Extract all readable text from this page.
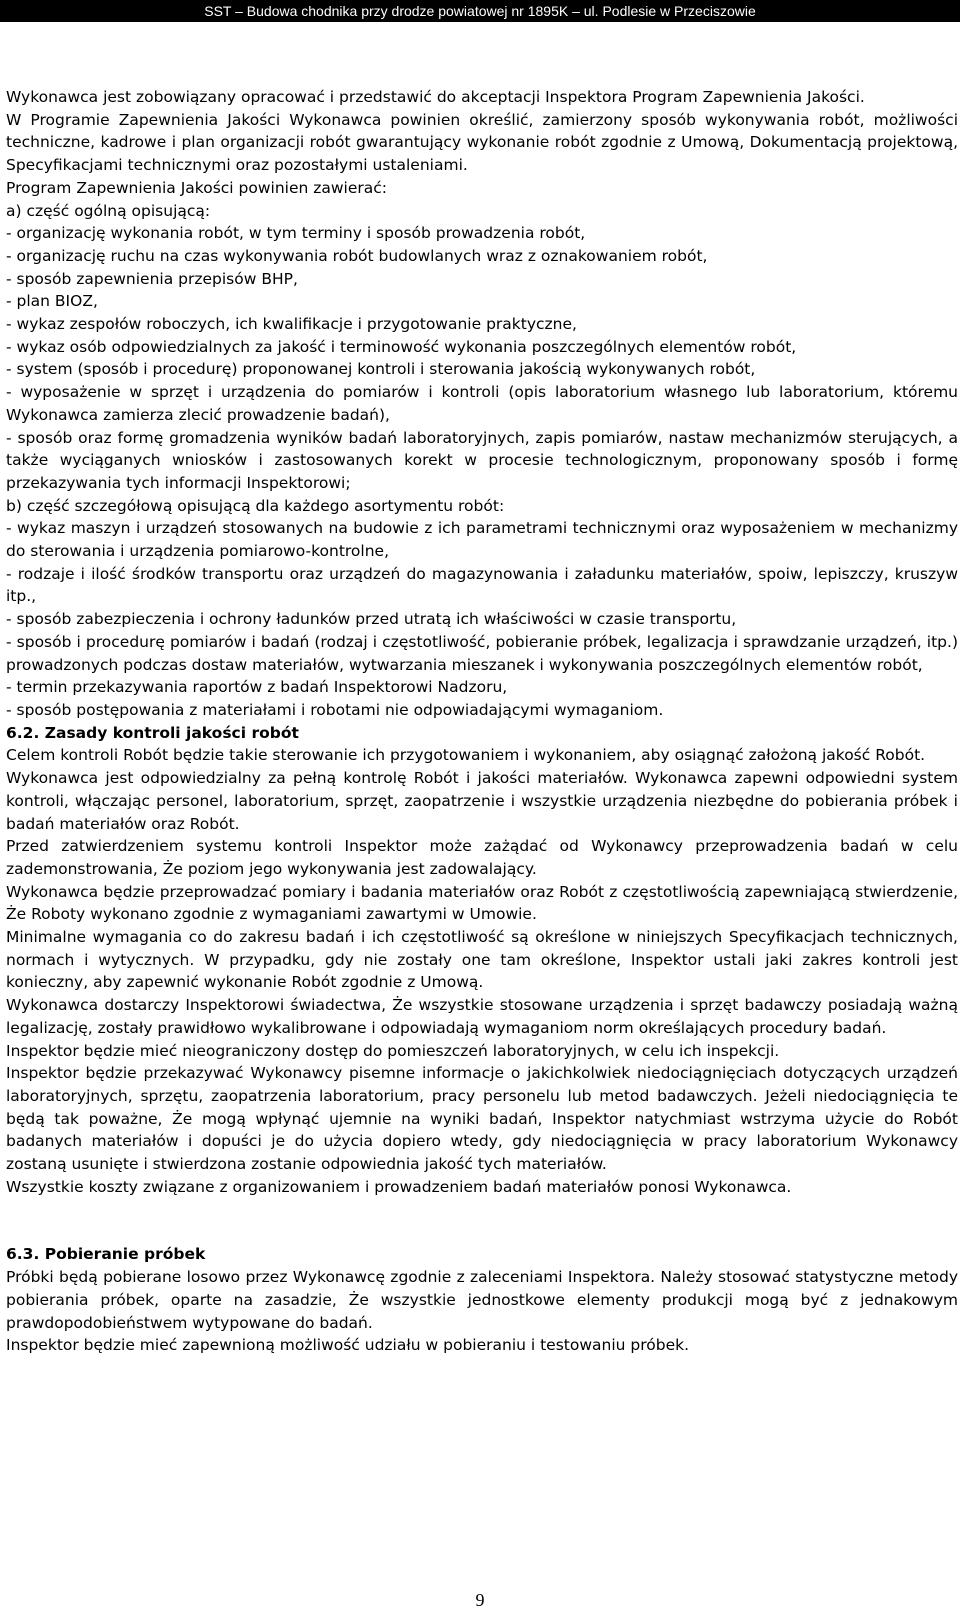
SST – Budowa chodnika przy drodze powiatowej nr 1895K – ul. Podlesie w Przeciszowie

Wykonawca jest zobowiązany opracować i przedstawić do akceptacji Inspektora Program Zapewnienia Jakości.

W Programie Zapewnienia Jakości Wykonawca powinien określić, zamierzony sposób wykonywania robót, możliwości techniczne, kadrowe i plan organizacji robót gwarantujący wykonanie robót zgodnie z Umową, Dokumentacją projektową, Specyfikacjami technicznymi oraz pozostałymi ustaleniami.

Program Zapewnienia Jakości powinien zawierać:

a) część ogólną opisującą:

- organizację wykonania robót, w tym terminy i sposób prowadzenia robót,

- organizację ruchu na czas wykonywania robót budowlanych wraz z oznakowaniem robót,

- sposób zapewnienia przepisów BHP,

- plan BIOZ,

- wykaz zespołów roboczych, ich kwalifikacje i przygotowanie praktyczne,

- wykaz osób odpowiedzialnych za jakość i terminowość wykonania poszczególnych elementów robót,

- system (sposób i procedurę) proponowanej kontroli i sterowania jakością wykonywanych robót,

- wyposażenie w sprzęt i urządzenia do pomiarów i kontroli (opis laboratorium własnego lub laboratorium, któremu Wykonawca zamierza zlecić prowadzenie badań),

- sposób oraz formę gromadzenia wyników badań laboratoryjnych, zapis pomiarów, nastaw mechanizmów sterujących, a także wyciąganych wniosków i zastosowanych korekt w procesie technologicznym, proponowany sposób i formę przekazywania tych informacji Inspektorowi;

b) część szczegółową opisującą dla każdego asortymentu robót:

- wykaz maszyn i urządzeń stosowanych na budowie z ich parametrami technicznymi oraz wyposażeniem w mechanizmy do sterowania i urządzenia pomiarowo-kontrolne,

- rodzaje i ilość środków transportu oraz urządzeń do magazynowania i załadunku materiałów, spoiw, lepiszczy, kruszyw itp.,

- sposób zabezpieczenia i ochrony ładunków przed utratą ich właściwości w czasie transportu,

- sposób i procedurę pomiarów i badań (rodzaj i częstotliwość, pobieranie próbek, legalizacja i sprawdzanie urządzeń, itp.) prowadzonych podczas dostaw materiałów, wytwarzania mieszanek i wykonywania poszczególnych elementów robót,

- termin przekazywania raportów z badań Inspektorowi Nadzoru,

- sposób postępowania z materiałami i robotami nie odpowiadającymi wymaganiom.

6.2. Zasady kontroli jakości robót

Celem kontroli Robót będzie takie sterowanie ich przygotowaniem i wykonaniem, aby osiągnąć założoną jakość Robót.

Wykonawca jest odpowiedzialny za pełną kontrolę Robót i jakości materiałów. Wykonawca zapewni odpowiedni system kontroli, włączając personel, laboratorium, sprzęt, zaopatrzenie i wszystkie urządzenia niezbędne do pobierania próbek i badań materiałów oraz Robót.

Przed zatwierdzeniem systemu kontroli Inspektor może zażądać od Wykonawcy przeprowadzenia badań w celu zademonstrowania, Że poziom jego wykonywania jest zadowalający.

Wykonawca będzie przeprowadzać pomiary i badania materiałów oraz Robót z częstotliwością zapewniającą stwierdzenie, Że Roboty wykonano zgodnie z wymaganiami zawartymi w Umowie.

Minimalne wymagania co do zakresu badań i ich częstotliwość są określone w niniejszych Specyfikacjach technicznych, normach i wytycznych. W przypadku, gdy nie zostały one tam określone, Inspektor ustali jaki zakres kontroli jest konieczny, aby zapewnić wykonanie Robót zgodnie z Umową.

Wykonawca dostarczy Inspektorowi świadectwa, Że wszystkie stosowane urządzenia i sprzęt badawczy posiadają ważną legalizację, zostały prawidłowo wykalibrowane i odpowiadają wymaganiom norm określających procedury badań.

Inspektor będzie mieć nieograniczony dostęp do pomieszczeń laboratoryjnych, w celu ich inspekcji.

Inspektor będzie przekazywać Wykonawcy pisemne informacje o jakichkolwiek niedociągnięciach dotyczących urządzeń laboratoryjnych, sprzętu, zaopatrzenia laboratorium, pracy personelu lub metod badawczych. Jeżeli niedociągnięcia te będą tak poważne, Że mogą wpłynąć ujemnie na wyniki badań, Inspektor natychmiast wstrzyma użycie do Robót badanych materiałów i dopuści je do użycia dopiero wtedy, gdy niedociągnięcia w pracy laboratorium Wykonawcy zostaną usunięte i stwierdzona zostanie odpowiednia jakość tych materiałów.

Wszystkie koszty związane z organizowaniem i prowadzeniem badań materiałów ponosi Wykonawca.

6.3. Pobieranie próbek

Próbki będą pobierane losowo przez Wykonawcę zgodnie z zaleceniami Inspektora. Należy stosować statystyczne metody pobierania próbek, oparte na zasadzie, Że wszystkie jednostkowe elementy produkcji mogą być z jednakowym prawdopodobieństwem wytypowane do badań.

Inspektor będzie mieć zapewnioną możliwość udziału w pobieraniu i testowaniu próbek.

9
